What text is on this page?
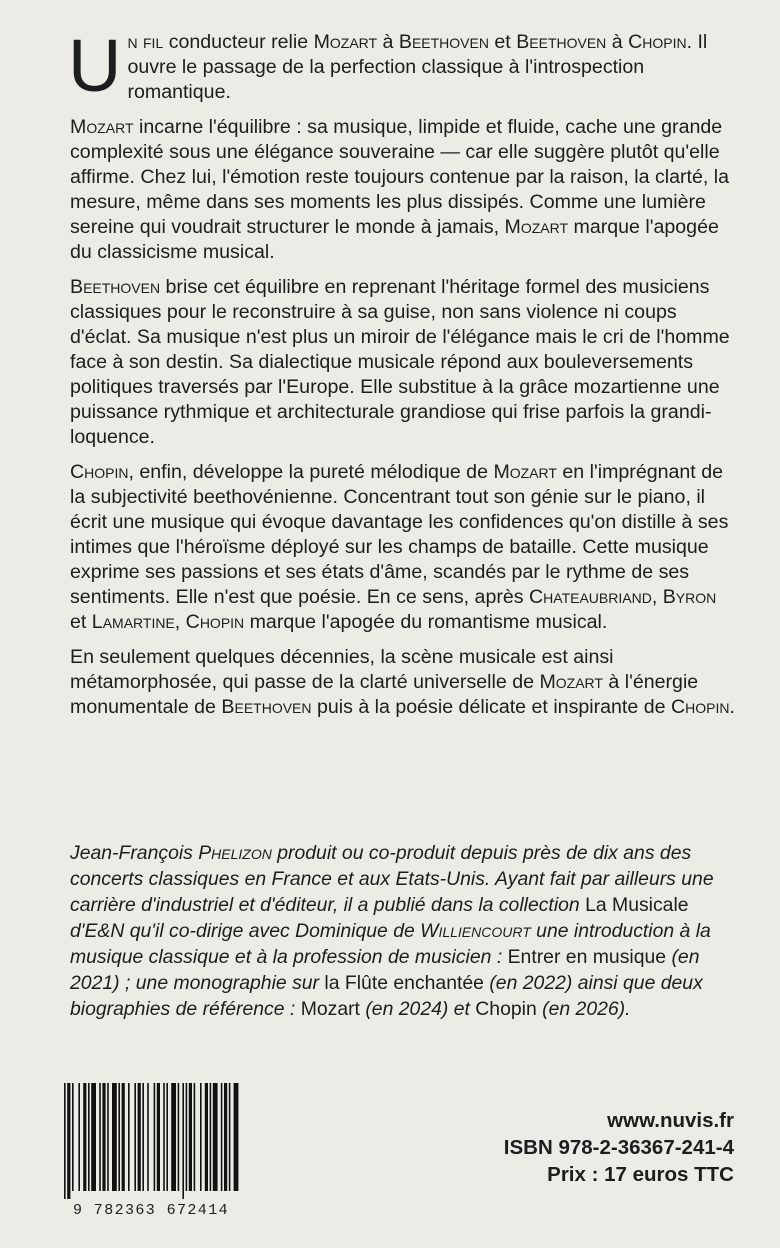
Un fil conducteur relie Mozart à Beethoven et Beethoven à Chopin. Il ouvre le passage de la perfection classique à l'introspection romantique.

Mozart incarne l'équilibre : sa musique, limpide et fluide, cache une grande complexité sous une élégance souveraine — car elle suggère plutôt qu'elle affirme. Chez lui, l'émotion reste toujours contenue par la raison, la clarté, la mesure, même dans ses moments les plus dissipés. Comme une lumière sereine qui voudrait structurer le monde à jamais, Mozart marque l'apogée du classicisme musical.

Beethoven brise cet équilibre en reprenant l'héritage formel des musiciens classiques pour le reconstruire à sa guise, non sans violence ni coups d'éclat. Sa musique n'est plus un miroir de l'élégance mais le cri de l'homme face à son destin. Sa dialectique musicale répond aux bouleversements politiques traversés par l'Europe. Elle substitue à la grâce mozartienne une puissance rythmique et architecturale grandiose qui frise parfois la grandiloquence.

Chopin, enfin, développe la pureté mélodique de Mozart en l'imprégnant de la subjectivité beethovénienne. Concentrant tout son génie sur le piano, il écrit une musique qui évoque davantage les confidences qu'on distille à ses intimes que l'héroïsme déployé sur les champs de bataille. Cette musique exprime ses passions et ses états d'âme, scandés par le rythme de ses sentiments. Elle n'est que poésie. En ce sens, après Chateaubriand, Byron et Lamartine, Chopin marque l'apogée du romantisme musical.

En seulement quelques décennies, la scène musicale est ainsi métamorphosée, qui passe de la clarté universelle de Mozart à l'énergie monumentale de Beethoven puis à la poésie délicate et inspirante de Chopin.

Jean-François Phelizon produit ou co-produit depuis près de dix ans des concerts classiques en France et aux Etats-Unis. Ayant fait par ailleurs une carrière d'industriel et d'éditeur, il a publié dans la collection La Musicale d'E&N qu'il co-dirige avec Dominique de Williencourt une introduction à la musique classique et à la profession de musicien : Entrer en musique (en 2021) ; une monographie sur la Flûte enchantée (en 2022) ainsi que deux biographies de référence : Mozart (en 2024) et Chopin (en 2026).
9 782363 672414
www.nuvis.fr
ISBN 978-2-36367-241-4
Prix : 17 euros TTC
